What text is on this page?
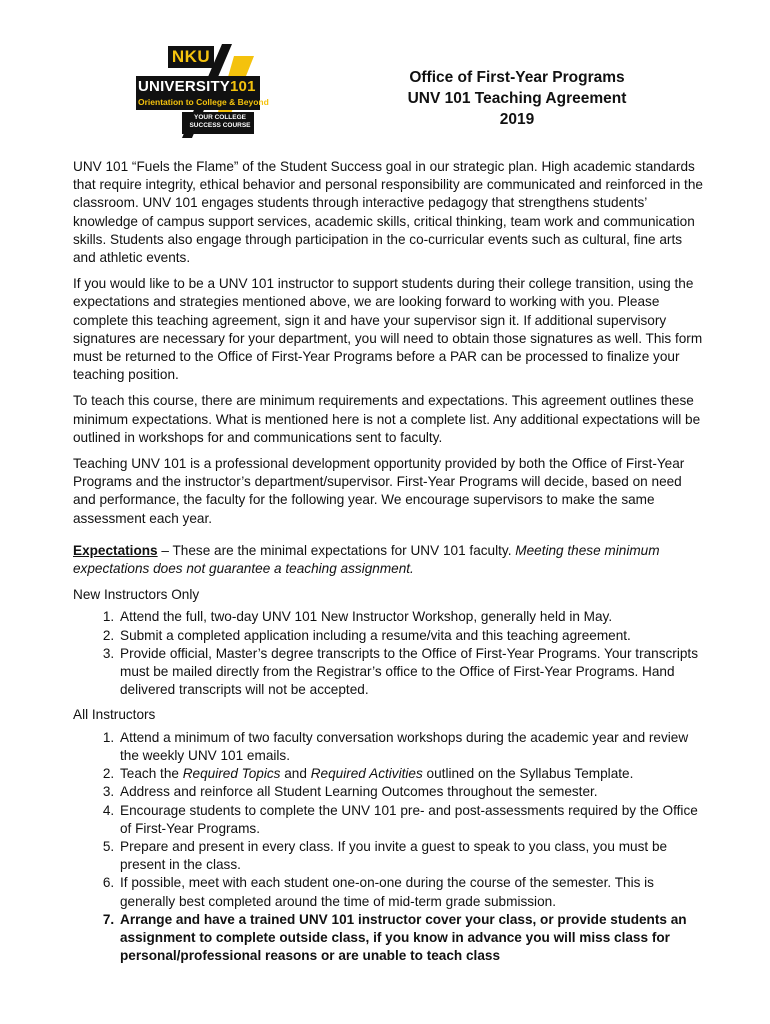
NKU
UNIVERSITY101
Orientation to College & Beyond
YOUR COLLEGE
SUCCESS COURSE
Office of First-Year Programs
UNV 101 Teaching Agreement
2019

UNV 101 “Fuels the Flame” of the Student Success goal in our strategic plan. High academic standards that require integrity, ethical behavior and personal responsibility are communicated and reinforced in the classroom. UNV 101 engages students through interactive pedagogy that strengthens students’ knowledge of campus support services, academic skills, critical thinking, team work and communication skills. Students also engage through participation in the co-curricular events such as cultural, fine arts and athletic events.

If you would like to be a UNV 101 instructor to support students during their college transition, using the expectations and strategies mentioned above, we are looking forward to working with you. Please complete this teaching agreement, sign it and have your supervisor sign it. If additional supervisory signatures are necessary for your department, you will need to obtain those signatures as well. This form must be returned to the Office of First-Year Programs before a PAR can be processed to finalize your teaching position.

To teach this course, there are minimum requirements and expectations. This agreement outlines these minimum expectations. What is mentioned here is not a complete list. Any additional expectations will be outlined in workshops for and communications sent to faculty.

Teaching UNV 101 is a professional development opportunity provided by both the Office of First-Year Programs and the instructor’s department/supervisor. First-Year Programs will decide, based on need and performance, the faculty for the following year. We encourage supervisors to make the same assessment each year.

Expectations – These are the minimal expectations for UNV 101 faculty. Meeting these minimum expectations does not guarantee a teaching assignment.

New Instructors Only

1. Attend the full, two-day UNV 101 New Instructor Workshop, generally held in May.
2. Submit a completed application including a resume/vita and this teaching agreement.
3. Provide official, Master’s degree transcripts to the Office of First-Year Programs. Your transcripts must be mailed directly from the Registrar’s office to the Office of First-Year Programs. Hand delivered transcripts will not be accepted.

All Instructors

1. Attend a minimum of two faculty conversation workshops during the academic year and review the weekly UNV 101 emails.
2. Teach the Required Topics and Required Activities outlined on the Syllabus Template.
3. Address and reinforce all Student Learning Outcomes throughout the semester.
4. Encourage students to complete the UNV 101 pre- and post-assessments required by the Office of First-Year Programs.
5. Prepare and present in every class. If you invite a guest to speak to you class, you must be present in the class.
6. If possible, meet with each student one-on-one during the course of the semester. This is generally best completed around the time of mid-term grade submission.
7. Arrange and have a trained UNV 101 instructor cover your class, or provide students an assignment to complete outside class, if you know in advance you will miss class for personal/professional reasons or are unable to teach class
